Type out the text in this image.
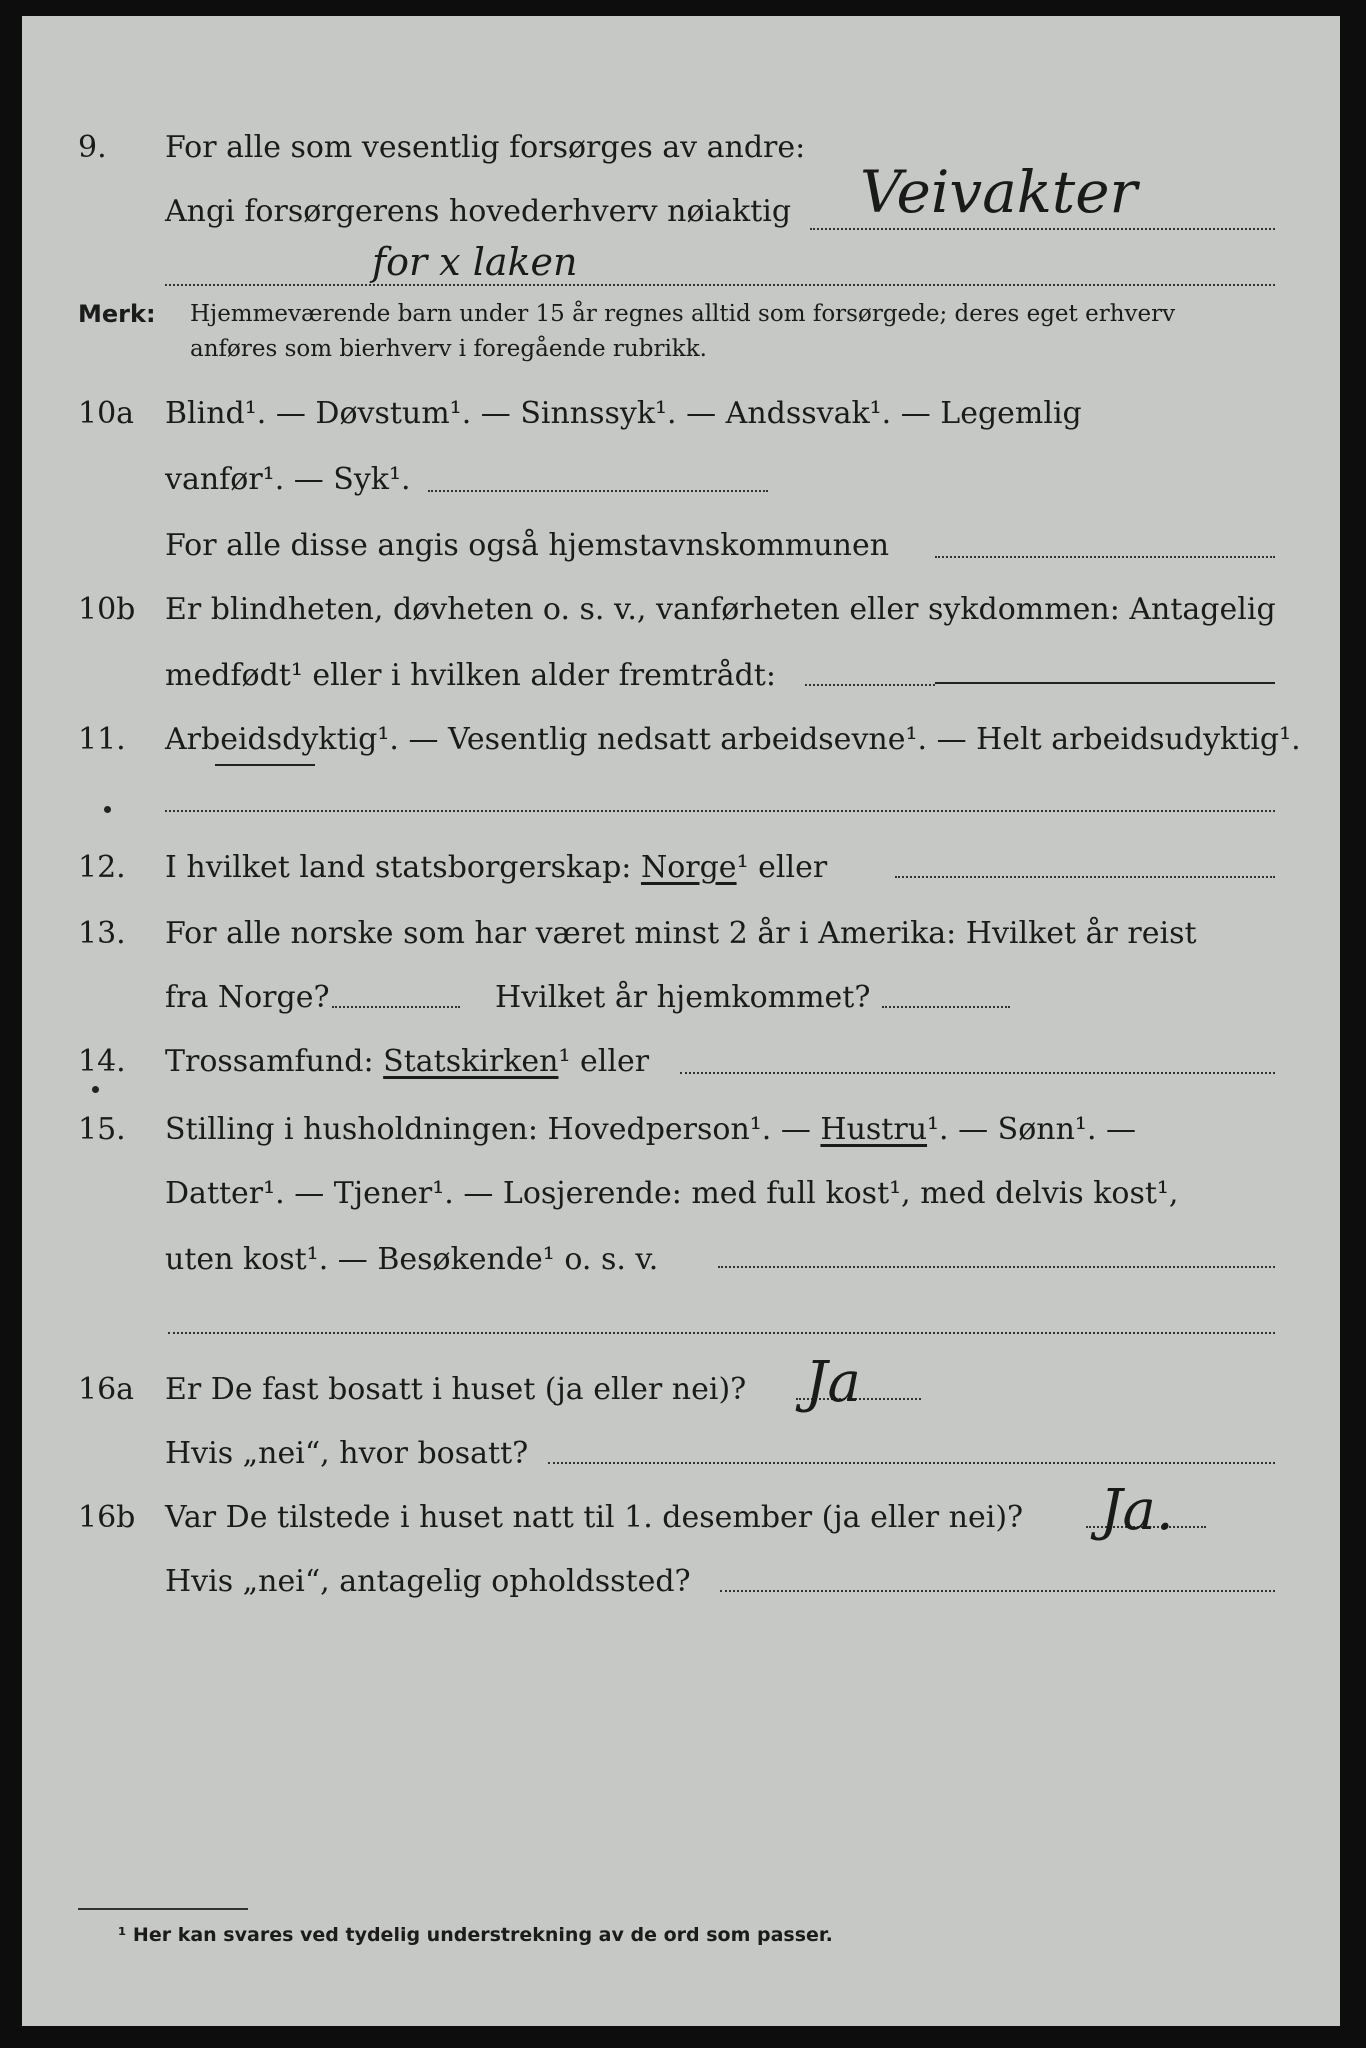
9. For alle som vesentlig forsørges av andre:
Angi forsørgerens hovederhverv nøiaktig Veivakter
for x laken
Merk: Hjemmeværende barn under 15 år regnes alltid som forsørgede; deres eget erhverv
anføres som bierhverv i foregående rubrikk.
10a Blind¹. — Døvstum¹. — Sinnssyk¹. — Andssvak¹. — Legemlig
vanfør¹. — Syk¹.
For alle disse angis også hjemstavnskommunen
10b Er blindheten, døvheten o. s. v., vanførheten eller sykdommen: Antagelig
medfødt¹ eller i hvilken alder fremtrådt:
11. Arbeidsdyktig¹. — Vesentlig nedsatt arbeidsevne¹. — Helt arbeidsudyktig¹.
12. I hvilket land statsborgerskap: Norge¹ eller
13. For alle norske som har været minst 2 år i Amerika: Hvilket år reist
fra Norge?	Hvilket år hjemkommet?
14. Trossamfund: Statskirken¹ eller
15. Stilling i husholdningen: Hovedperson¹. — Hustru¹. — Sønn¹. —
Datter¹. — Tjener¹. — Losjerende: med full kost¹, med delvis kost¹,
uten kost¹. — Besøkende¹ o. s. v.
16a Er De fast bosatt i huset (ja eller nei)? Ja
Hvis „nei“, hvor bosatt?
16b Var De tilstede i huset natt til 1. desember (ja eller nei)? Ja.
Hvis „nei“, antagelig opholdssted?
¹ Her kan svares ved tydelig understrekning av de ord som passer.
